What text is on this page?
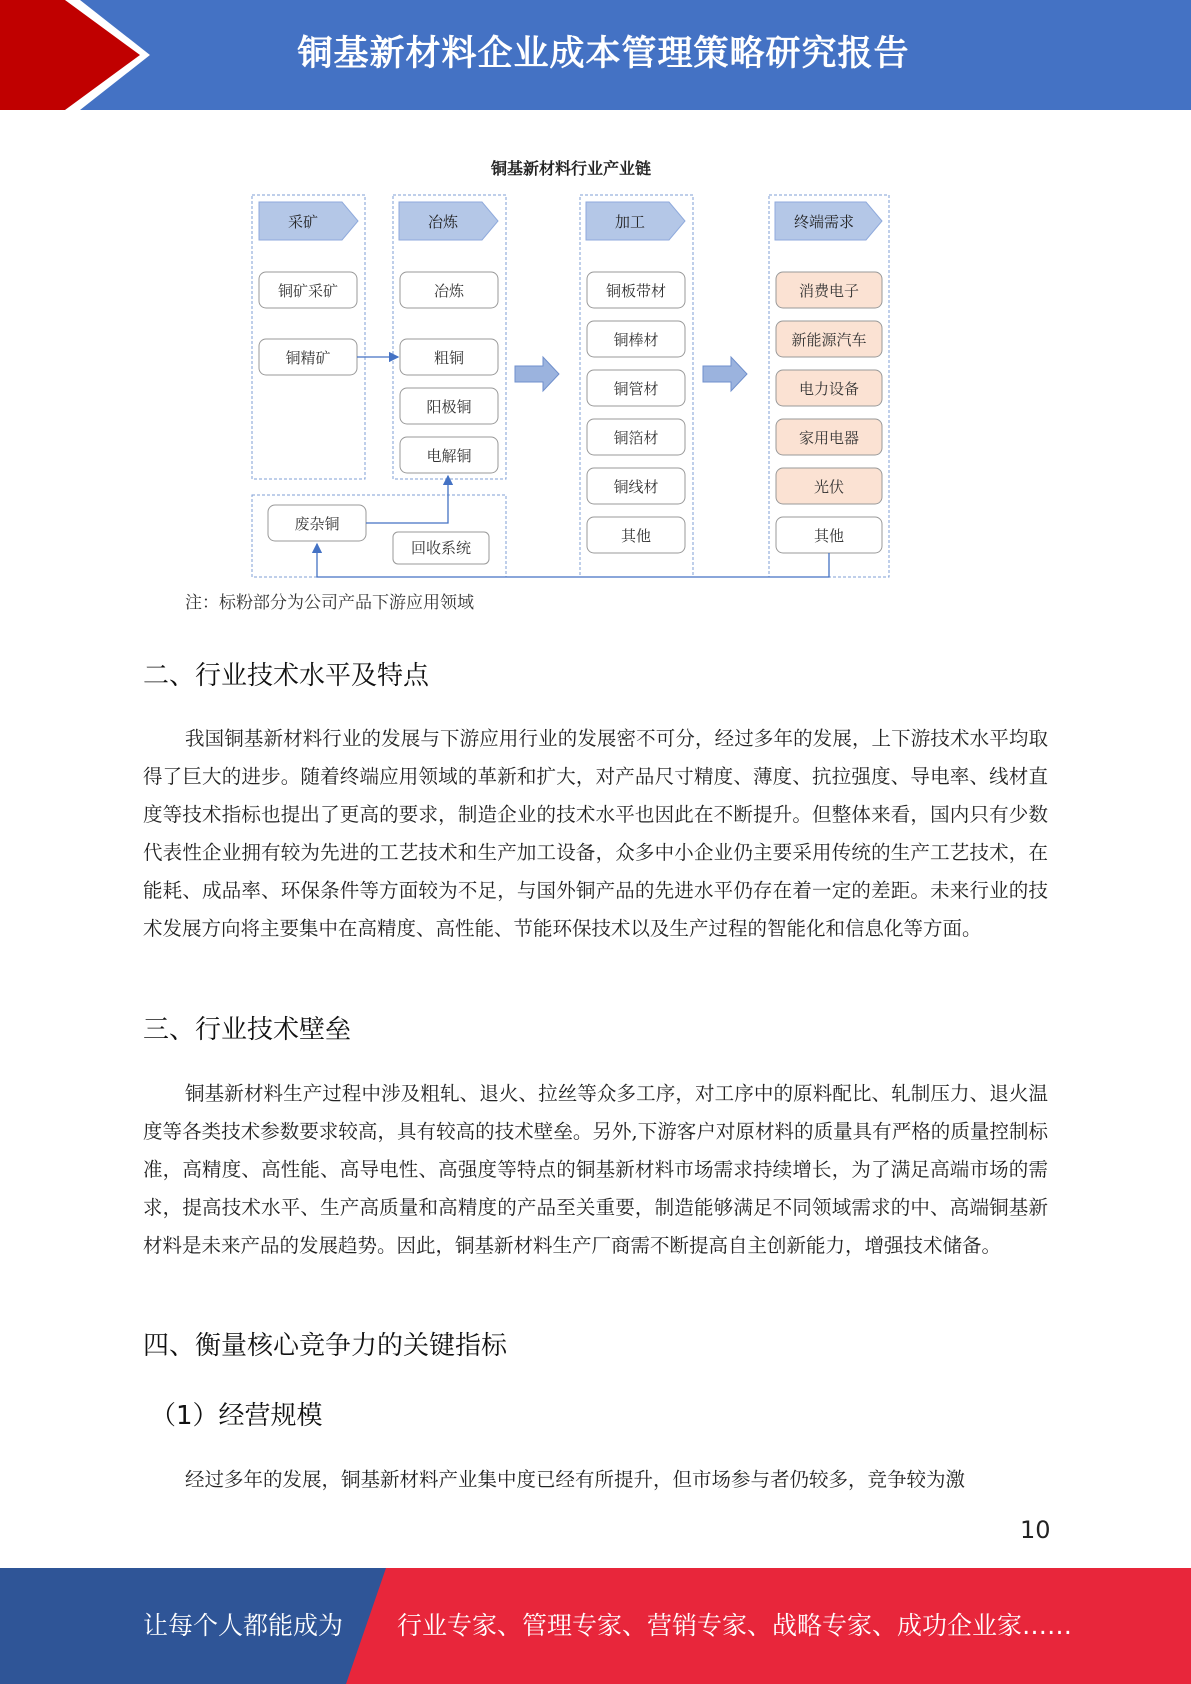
铜基新材料企业成本管理策略研究报告
铜基新材料行业产业链
采矿	冶炼	加工	终端需求
铜矿采矿
铜精矿
冶炼
粗铜
阳极铜
电解铜
铜板带材
铜棒材
铜管材
铜箔材
铜线材
其他
消费电子
新能源汽车
电力设备
家用电器
光伏
其他
废杂铜
回收系统
注：标粉部分为公司产品下游应用领域
二、行业技术水平及特点
我国铜基新材料行业的发展与下游应用行业的发展密不可分，经过多年的发展，上下游技术水平均取得了巨大的进步。随着终端应用领域的革新和扩大，对产品尺寸精度、薄度、抗拉强度、导电率、线材直度等技术指标也提出了更高的要求，制造企业的技术水平也因此在不断提升。但整体来看，国内只有少数代表性企业拥有较为先进的工艺技术和生产加工设备，众多中小企业仍主要采用传统的生产工艺技术，在能耗、成品率、环保条件等方面较为不足，与国外铜产品的先进水平仍存在着一定的差距。未来行业的技术发展方向将主要集中在高精度、高性能、节能环保技术以及生产过程的智能化和信息化等方面。
三、行业技术壁垒
铜基新材料生产过程中涉及粗轧、退火、拉丝等众多工序，对工序中的原料配比、轧制压力、退火温度等各类技术参数要求较高，具有较高的技术壁垒。另外,下游客户对原材料的质量具有严格的质量控制标准，高精度、高性能、高导电性、高强度等特点的铜基新材料市场需求持续增长，为了满足高端市场的需求，提高技术水平、生产高质量和高精度的产品至关重要，制造能够满足不同领域需求的中、高端铜基新材料是未来产品的发展趋势。因此，铜基新材料生产厂商需不断提高自主创新能力，增强技术储备。
四、衡量核心竞争力的关键指标
（1）经营规模
经过多年的发展，铜基新材料产业集中度已经有所提升，但市场参与者仍较多，竞争较为激
10
让每个人都能成为 行业专家、管理专家、营销专家、战略专家、成功企业家……
